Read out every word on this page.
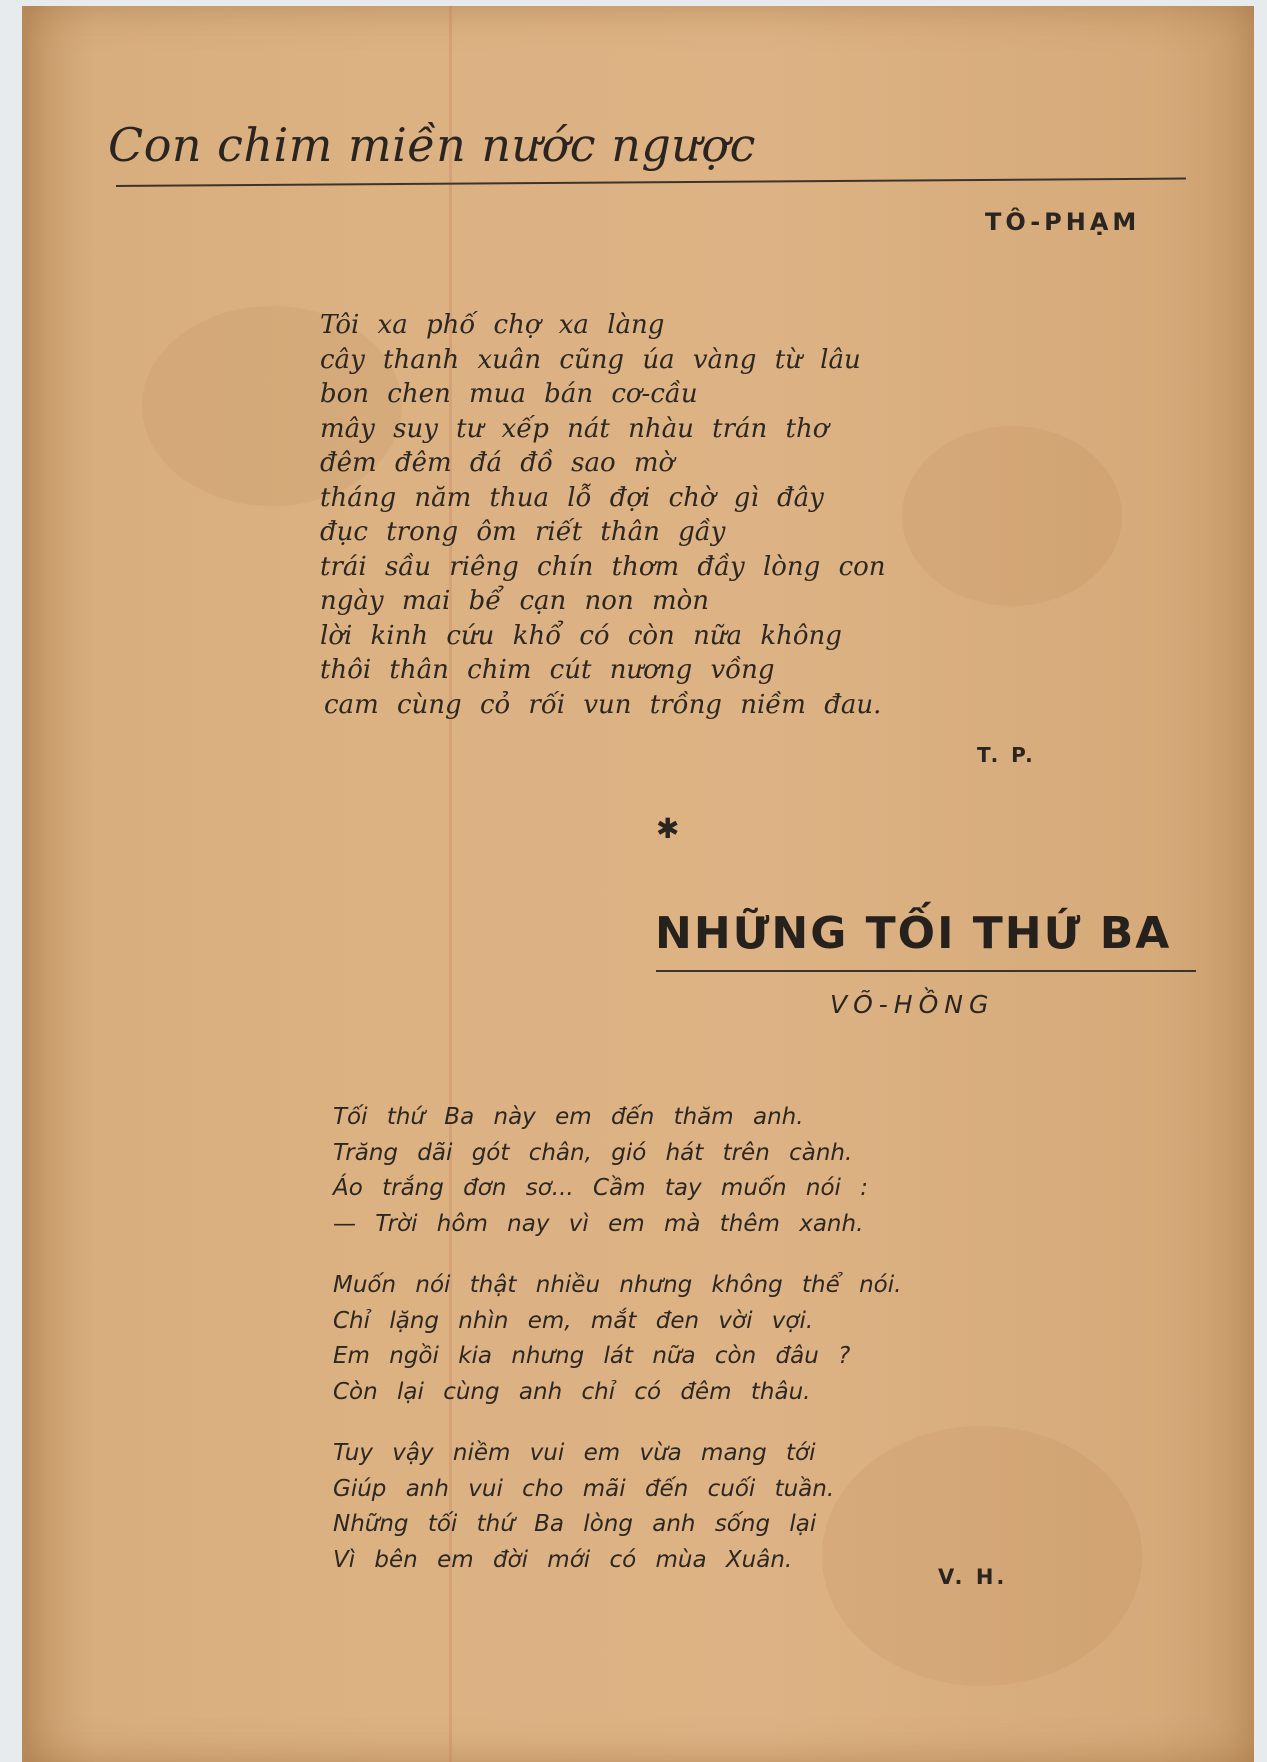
Con chim miền nước ngược
TÔ-PHẠM
Tôi xa phố chợ xa làng
cây thanh xuân cũng úa vàng từ lâu
bon chen mua bán cơ-cầu
mây suy tư xếp nát nhàu trán thơ
đêm đêm đá đồ sao mờ
tháng năm thua lỗ đợi chờ gì đây
đục trong ôm riết thân gầy
trái sầu riêng chín thơm đầy lòng con
ngày mai bể cạn non mòn
lời kinh cứu khổ có còn nữa không
thôi thân chim cút nương vồng
cam cùng cỏ rối vun trồng niềm đau.
T. P.
✱
NHỮNG TỐI THỨ BA
VÕ-HỒNG
Tối thứ Ba này em đến thăm anh.
Trăng dãi gót chân, gió hát trên cành.
Áo trắng đơn sơ... Cầm tay muốn nói :
— Trời hôm nay vì em mà thêm xanh.
Muốn nói thật nhiều nhưng không thể nói.
Chỉ lặng nhìn em, mắt đen vời vợi.
Em ngồi kia nhưng lát nữa còn đâu ?
Còn lại cùng anh chỉ có đêm thâu.
Tuy vậy niềm vui em vừa mang tới
Giúp anh vui cho mãi đến cuối tuần.
Những tối thứ Ba lòng anh sống lại
Vì bên em đời mới có mùa Xuân.
V. H.
